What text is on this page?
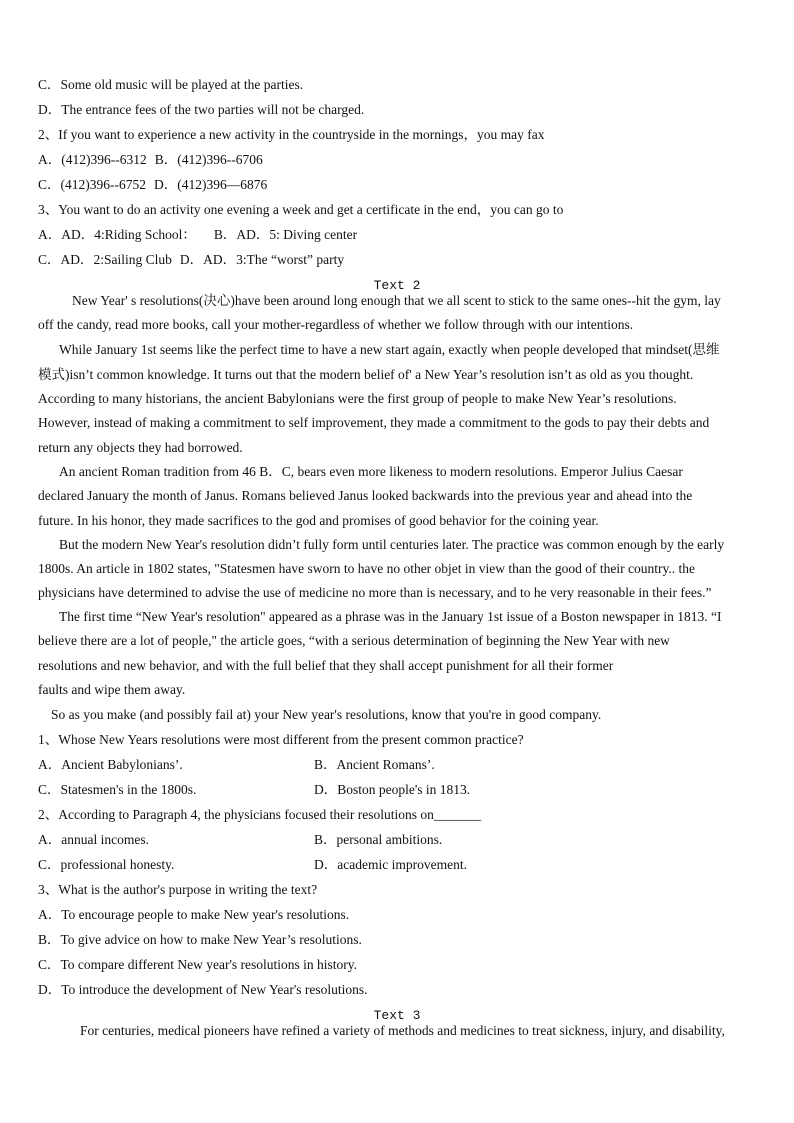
C．Some old music will be played at the parties.
D．The entrance fees of the two parties will not be charged.
2、If you want to experience a new activity in the countryside in the mornings，you may fax
A．(412)396--6312 B．(412)396--6706
C．(412)396--6752 D．(412)396—6876
3、You want to do an activity one evening a week and get a certificate in the end，you can go to
A．AD．4:Riding School： B．AD．5: Diving center
C．AD．2:Sailing Club D．AD．3:The “worst” party
Text 2
New Year' s resolutions(决心)have been around long enough that we all scent to stick to the same ones--hit the gym, lay
off the candy, read more books, call your mother-regardless of whether we follow through with our intentions.
While January 1st seems like the perfect time to have a new start again, exactly when people developed that mindset(思维
模式)isn’t common knowledge. It turns out that the modern belief of' a New Year’s resolution isn’t as old as you thought.
According to many historians, the ancient Babylonians were the first group of people to make New Year’s resolutions.
However, instead of making a commitment to self improvement, they made a commitment to the gods to pay their debts and
return any objects they had borrowed.
An ancient Roman tradition from 46 B．C, bears even more likeness to modern resolutions. Emperor Julius Caesar
declared January the month of Janus. Romans believed Janus looked backwards into the previous year and ahead into the
future. In his honor, they made sacrifices to the god and promises of good behavior for the coining year.
But the modern New Year's resolution didn’t fully form until centuries later. The practice was common enough by the early
1800s. An article in 1802 states, "Statesmen have sworn to have no other objet in view than the good of their country.. the
physicians have determined to advise the use of medicine no more than is necessary, and to he very reasonable in their fees.”
The first time “New Year's resolution" appeared as a phrase was in the January 1st issue of a Boston newspaper in 1813. “I
believe there are a lot of people," the article goes, “with a serious determination of beginning the New Year with new
resolutions and new behavior, and with the full belief that they shall accept punishment for all their former
faults and wipe them away.
So as you make (and possibly fail at) your New year's resolutions, know that you're in good company.
1、Whose New Years resolutions were most different from the present common practice?
A．Ancient Babylonians’.	B．Ancient Romans’.
C．Statesmen's in the 1800s.	D．Boston people's in 1813.
2、According to Paragraph 4, the physicians focused their resolutions on_______
A．annual incomes.	B．personal ambitions.
C．professional honesty.	D．academic improvement.
3、What is the author's purpose in writing the text?
A．To encourage people to make New year's resolutions.
B．To give advice on how to make New Year’s resolutions.
C．To compare different New year's resolutions in history.
D．To introduce the development of New Year's resolutions.
Text 3
For centuries, medical pioneers have refined a variety of methods and medicines to treat sickness, injury, and disability,
